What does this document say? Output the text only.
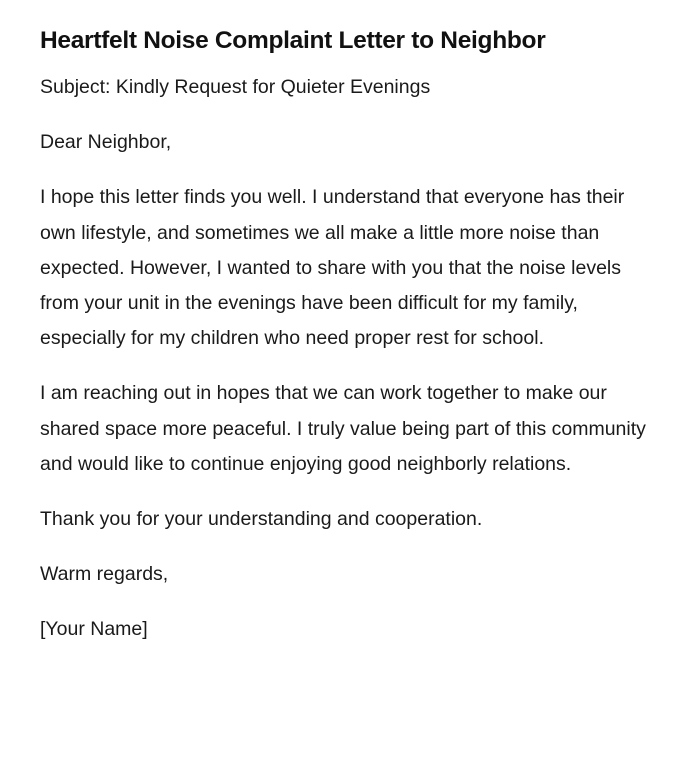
Heartfelt Noise Complaint Letter to Neighbor

Subject: Kindly Request for Quieter Evenings

Dear Neighbor,

I hope this letter finds you well. I understand that everyone has their own lifestyle, and sometimes we all make a little more noise than expected. However, I wanted to share with you that the noise levels from your unit in the evenings have been difficult for my family, especially for my children who need proper rest for school.

I am reaching out in hopes that we can work together to make our shared space more peaceful. I truly value being part of this community and would like to continue enjoying good neighborly relations.

Thank you for your understanding and cooperation.

Warm regards,

[Your Name]
